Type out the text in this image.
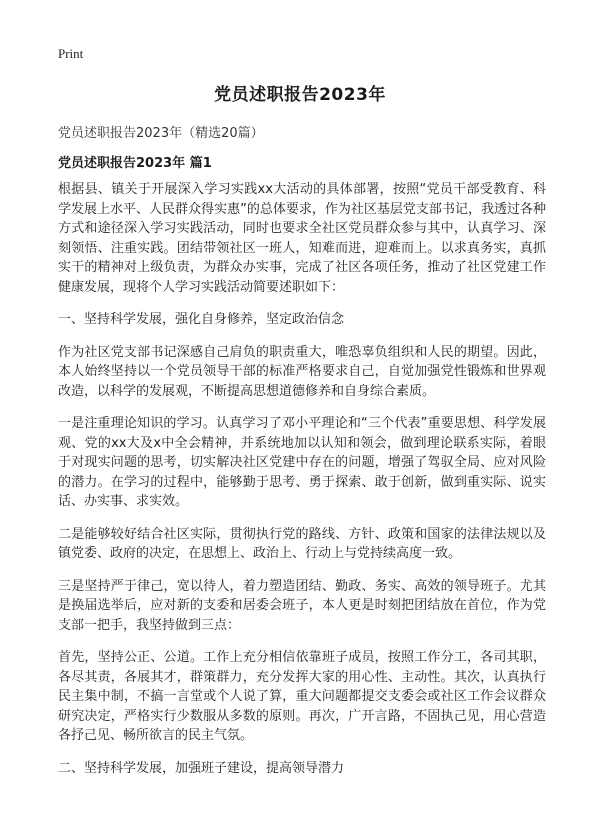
Print
党员述职报告2023年
党员述职报告2023年（精选20篇）
党员述职报告2023年 篇1

根据县、镇关于开展深入学习实践xx大活动的具体部署，按照“党员干部受教育、科学发展上水平、人民群众得实惠”的总体要求，作为社区基层党支部书记，我透过各种方式和途径深入学习实践活动，同时也要求全社区党员群众参与其中，认真学习、深刻领悟、注重实践。团结带领社区一班人，知难而进，迎难而上。以求真务实，真抓实干的精神对上级负责，为群众办实事，完成了社区各项任务，推动了社区党建工作健康发展，现将个人学习实践活动简要述职如下：

一、坚持科学发展，强化自身修养，坚定政治信念

作为社区党支部书记深感自己肩负的职责重大，唯恐辜负组织和人民的期望。因此，本人始终坚持以一个党员领导干部的标准严格要求自己，自觉加强党性锻炼和世界观改造，以科学的发展观，不断提高思想道德修养和自身综合素质。

一是注重理论知识的学习。认真学习了邓小平理论和“三个代表”重要思想、科学发展观、党的xx大及x中全会精神，并系统地加以认知和领会，做到理论联系实际，着眼于对现实问题的思考，切实解决社区党建中存在的问题，增强了驾驭全局、应对风险的潜力。在学习的过程中，能够勤于思考、勇于探索、敢于创新，做到重实际、说实话、办实事、求实效。

二是能够较好结合社区实际，贯彻执行党的路线、方针、政策和国家的法律法规以及镇党委、政府的决定，在思想上、政治上、行动上与党持续高度一致。

三是坚持严于律己，宽以待人，着力塑造团结、勤政、务实、高效的领导班子。尤其是换届选举后，应对新的支委和居委会班子，本人更是时刻把团结放在首位，作为党支部一把手，我坚持做到三点：

首先，坚持公正、公道。工作上充分相信依靠班子成员，按照工作分工，各司其职，各尽其责，各展其才，群策群力，充分发挥大家的用心性、主动性。其次，认真执行民主集中制，不搞一言堂或个人说了算，重大问题都提交支委会或社区工作会议群众研究决定，严格实行少数服从多数的原则。再次，广开言路，不固执己见，用心营造各抒己见、畅所欲言的民主气氛。

二、坚持科学发展，加强班子建设，提高领导潜力
